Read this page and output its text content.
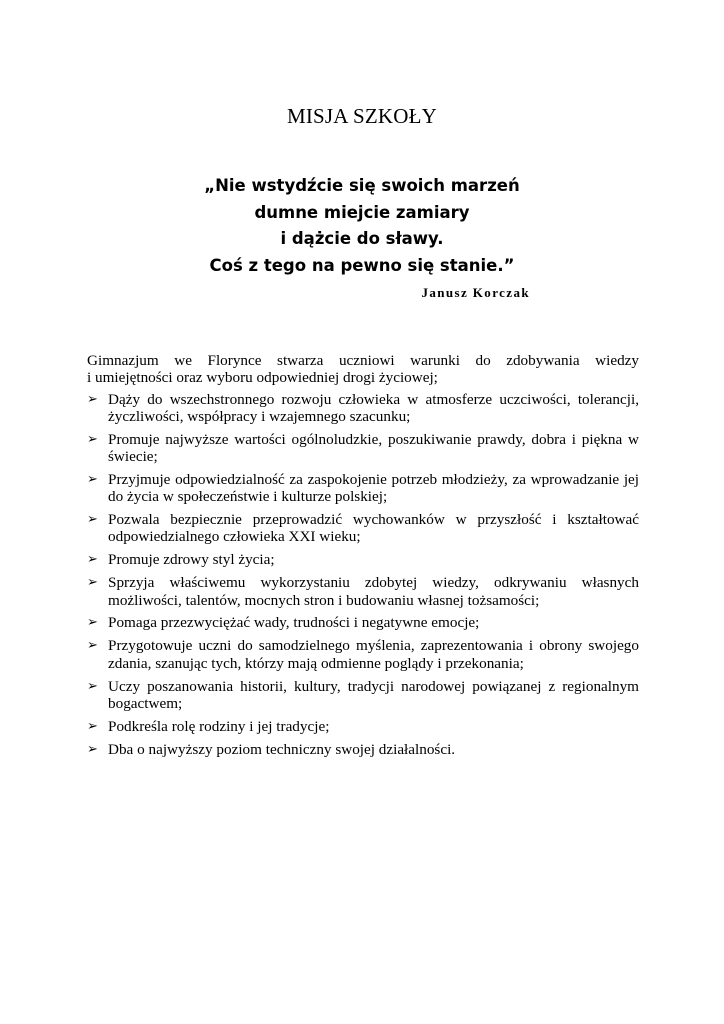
MISJA SZKOŁY
„Nie wstydźcie się swoich marzeń
dumne miejcie zamiary
i dążcie do sławy.
Coś z tego na pewno się stanie.”
Janusz Korczak

Gimnazjum we Florynce stwarza uczniowi warunki do zdobywania wiedzy
i umiejętności oraz wyboru odpowiedniej drogi życiowej;

➢ Dąży do wszechstronnego rozwoju człowieka w atmosferze uczciwości, tolerancji, życzliwości, współpracy i wzajemnego szacunku;
➢ Promuje najwyższe wartości ogólnoludzkie, poszukiwanie prawdy, dobra i piękna w świecie;
➢ Przyjmuje odpowiedzialność za zaspokojenie potrzeb młodzieży, za wprowadzanie jej do życia w społeczeństwie i kulturze polskiej;
➢ Pozwala bezpiecznie przeprowadzić wychowanków w przyszłość i kształtować odpowiedzialnego człowieka XXI wieku;
➢ Promuje zdrowy styl życia;
➢ Sprzyja właściwemu wykorzystaniu zdobytej wiedzy, odkrywaniu własnych możliwości, talentów, mocnych stron i budowaniu własnej tożsamości;
➢ Pomaga przezwyciężać wady, trudności i negatywne emocje;
➢ Przygotowuje uczni do samodzielnego myślenia, zaprezentowania i obrony swojego zdania, szanując tych, którzy mają odmienne poglądy i przekonania;
➢ Uczy poszanowania historii, kultury, tradycji narodowej powiązanej z regionalnym bogactwem;
➢ Podkreśla rolę rodziny i jej tradycje;
➢ Dba o najwyższy poziom techniczny swojej działalności.
